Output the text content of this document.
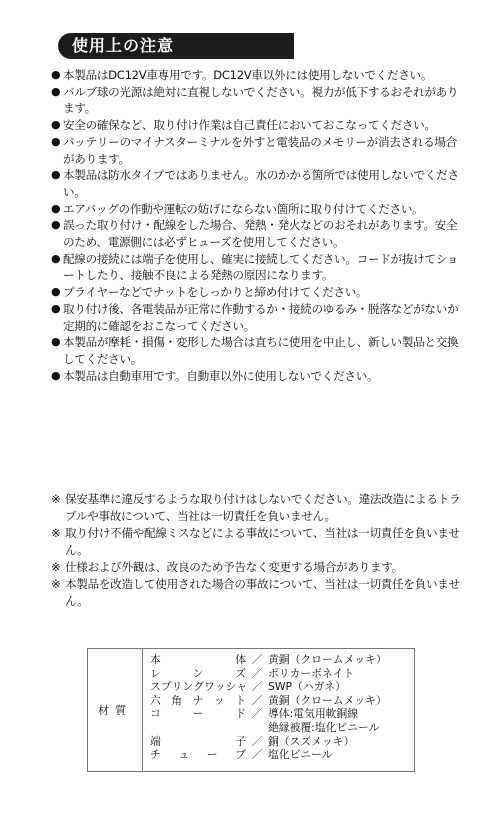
使用上の注意
● 本製品はDC12V車専用です。DC12V車以外には使用しないでください。
● バルブ球の光源は絶対に直視しないでください。視力が低下するおそれがあります。
● 安全の確保など、取り付け作業は自己責任においておこなってください。
● バッテリーのマイナスターミナルを外すと電装品のメモリーが消去される場合があります。
● 本製品は防水タイプではありません。水のかかる箇所では使用しないでください。
● エアバッグの作動や運転の妨げにならない箇所に取り付けてください。
● 誤った取り付け・配線をした場合、発熱・発火などのおそれがあります。安全のため、電源側には必ずヒューズを使用してください。
● 配線の接続には端子を使用し、確実に接続してください。コードが抜けてショートしたり、接触不良による発熱の原因になります。
● プライヤーなどでナットをしっかりと締め付けてください。
● 取り付け後、各電装品が正常に作動するか・接続のゆるみ・脱落などがないか定期的に確認をおこなってください。
● 本製品が摩耗・損傷・変形した場合は直ちに使用を中止し、新しい製品と交換してください。
● 本製品は自動車用です。自動車以外に使用しないでください。
※ 保安基準に違反するような取り付けはしないでください。違法改造によるトラブルや事故について、当社は一切責任を負いません。
※ 取り付け不備や配線ミスなどによる事故について、当社は一切責任を負いません。
※ 仕様および外観は、改良のため予告なく変更する場合があります。
※ 本製品を改造して使用された場合の事故について、当社は一切責任を負いません。
材質
本	体 ／ 黄銅（クロームメッキ）
レ	ン	ズ ／ ポリカーボネイト
ス プ リ ン グ ワ ッ シ ャ ／ SWP（ハガネ）
六 角 ナ ッ ト ／ 黄銅（クロームメッキ）
コ	ー	ド ／ 導体:電気用軟銅線
絶縁被覆:塩化ビニール
端	子 ／ 銅（スズメッキ）
チ ュ ー ブ ／ 塩化ビニール
